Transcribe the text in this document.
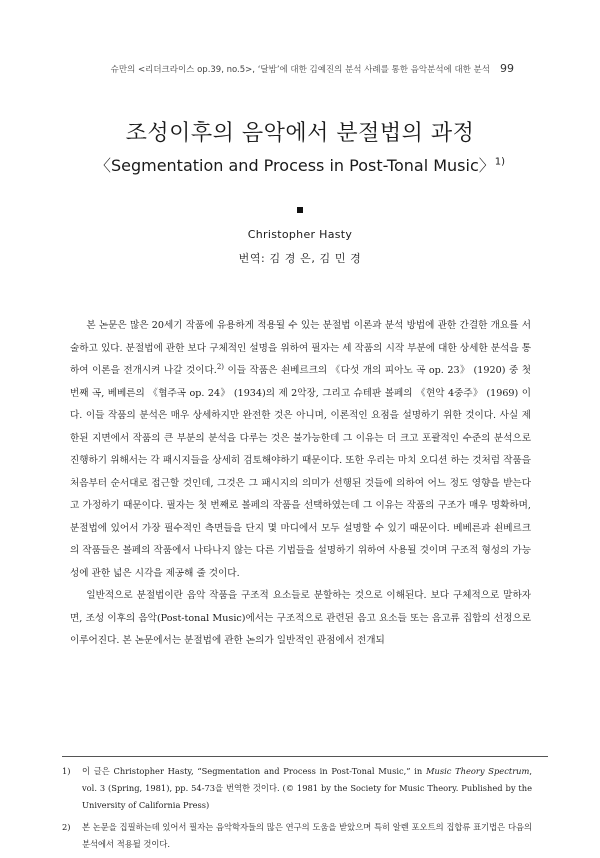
슈만의 <리더크라이스 op.39, no.5>, ‘달밤’에 대한 김예진의 분석 사례를 통한 음악분석에 대한 분석 99
조성이후의 음악에서 분절법의 과정
〈Segmentation and Process in Post-Tonal Music〉$^{1)}$
Christopher Hasty
번역: 김 경 은, 김 민 경

본 논문은 많은 20세기 작품에 유용하게 적용될 수 있는 분절법 이론과 분석 방법에 관한 간결한 개요를 서술하고 있다. 분절법에 관한 보다 구체적인 설명을 위하여 필자는 세 작품의 시작 부분에 대한 상세한 분석을 통하여 이론을 전개시켜 나갈 것이다.$^{2)}$ 이들 작품은 쇤베르크의 《다섯 개의 피아노 곡 op. 23》 (1920) 중 첫 번째 곡, 베베른의 《협주곡 op. 24》 (1934)의 제 2악장, 그리고 슈테판 볼페의 《현악 4중주》 (1969) 이다. 이들 작품의 분석은 매우 상세하지만 완전한 것은 아니며, 이론적인 요점을 설명하기 위한 것이다. 사실 제한된 지면에서 작품의 큰 부분의 분석을 다루는 것은 불가능한데 그 이유는 더 크고 포괄적인 수준의 분석으로 진행하기 위해서는 각 패시지들을 상세히 검토해야하기 때문이다. 또한 우리는 마치 오디션 하는 것처럼 작품을 처음부터 순서대로 접근할 것인데, 그것은 그 패시지의 의미가 선행된 것들에 의하여 어느 정도 영향을 받는다고 가정하기 때문이다. 필자는 첫 번째로 볼페의 작품을 선택하였는데 그 이유는 작품의 구조가 매우 명확하며, 분절법에 있어서 가장 필수적인 측면들을 단지 몇 마디에서 모두 설명할 수 있기 때문이다. 베베른과 쇤베르크의 작품들은 볼페의 작품에서 나타나지 않는 다른 기법들을 설명하기 위하여 사용될 것이며 구조적 형성의 가능성에 관한 넓은 시각을 제공해 줄 것이다.

일반적으로 분절법이란 음악 작품을 구조적 요소들로 분할하는 것으로 이해된다. 보다 구체적으로 말하자면, 조성 이후의 음악(Post-tonal Music)에서는 구조적으로 관련된 음고 요소들 또는 음고류 집합의 선정으로 이루어진다. 본 논문에서는 분절법에 관한 논의가 일반적인 관점에서 전개되

1)	이 글은 Christopher Hasty, “Segmentation and Process in Post-Tonal Music,” in Music Theory Spectrum, vol. 3 (Spring, 1981), pp. 54-73을 번역한 것이다. (© 1981 by the Society for Music Theory. Published by the University of California Press)
2)	본 논문을 집필하는데 있어서 필자는 음악학자들의 많은 연구의 도움을 받았으며 특히 알렌 포오트의 집합류 표기법은 다음의 분석에서 적용될 것이다.
